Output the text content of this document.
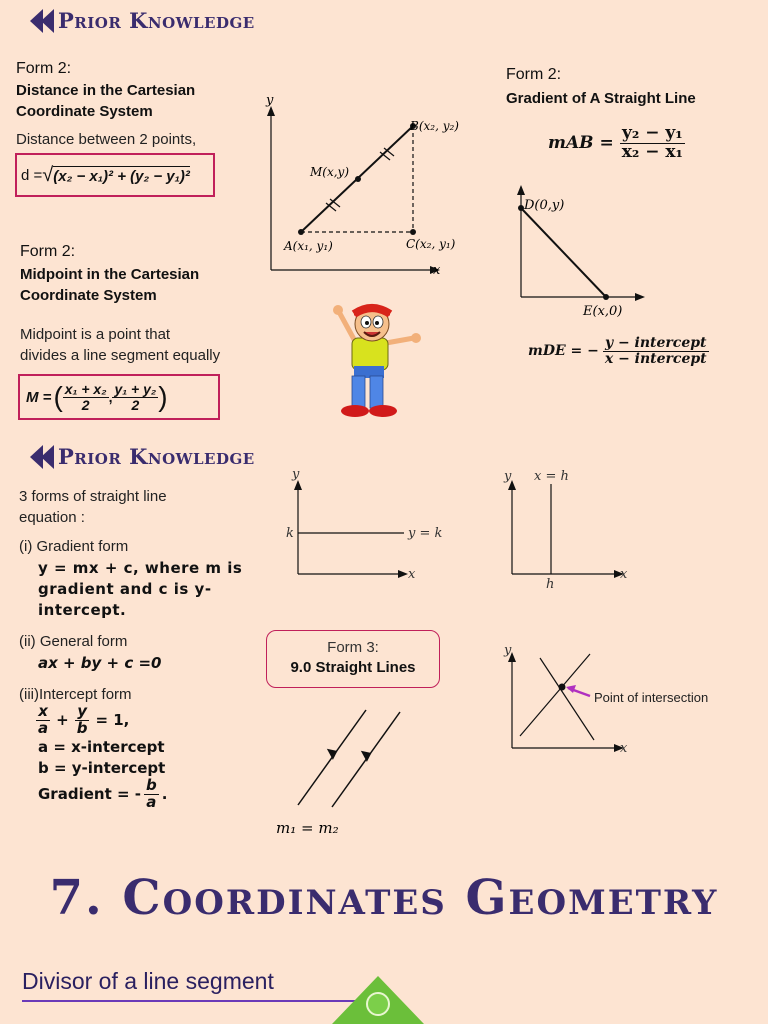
Prior Knowledge
Form 2:
Distance in the Cartesian
Coordinate System
Distance between 2 points,
d = √ (x₂ − x₁)² + (y₂ − y₁)²
y
x
B(x₂, y₂)
M(x,y)
A(x₁, y₁)	C(x₂, y₁)
Form 2:
Gradient of A Straight Line
mAB = $\frac{\text{y₂ − y₁}}{\text{x₂ − x₁}}$
D(0,y)
E(x,0)
mDE = − $\frac{\text{y − intercept}}{\text{x − intercept}}$
Form 2:
Midpoint in the Cartesian
Coordinate System
Midpoint is a point that
divides a line segment equally
M = ( $\frac{\text{x₁ + x₂}}{2}$ , $\frac{\text{y₁ + y₂}}{2}$ )
Prior Knowledge
3 forms of straight line
equation :
(i) Gradient form
y = mx + c, where m is
gradient and c is y-
intercept.
(ii) General form
ax + by + c =0
(iii)Intercept form
$\frac{x}{a} + \frac{y}{b} = 1$,
a = x-intercept
b = y-intercept
Gradient = - $\frac{b}{a}$ .
y
x
k	y = k
y
x
h
x = h
Form 3:
9.0 Straight Lines
y
x
Point of intersection
m₁ = m₂
7. Coordinates Geometry
Divisor of a line segment
